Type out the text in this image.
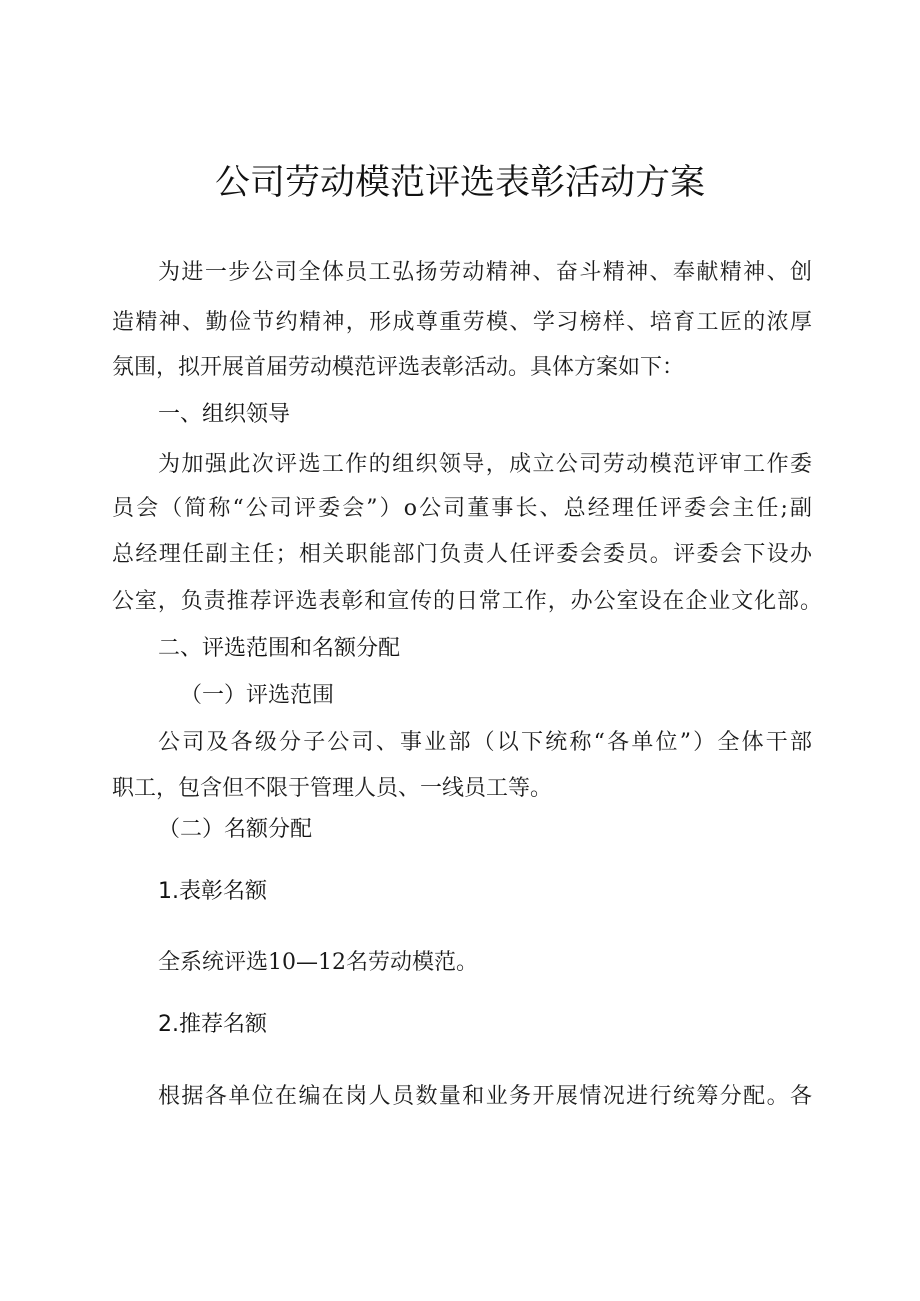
公司劳动模范评选表彰活动方案

为进一步公司全体员工弘扬劳动精神、奋斗精神、奉献精神、创

造精神、勤俭节约精神，形成尊重劳模、学习榜样、培育工匠的浓厚

氛围，拟开展首届劳动模范评选表彰活动。具体方案如下：

一、组织领导

为加强此次评选工作的组织领导，成立公司劳动模范评审工作委

员会（简称“公司评委会”）o公司董事长、总经理任评委会主任;副

总经理任副主任；相关职能部门负责人任评委会委员。评委会下设办

公室，负责推荐评选表彰和宣传的日常工作，办公室设在企业文化部。

二、评选范围和名额分配

（一）评选范围

公司及各级分子公司、事业部（以下统称“各单位”）全体干部

职工，包含但不限于管理人员、一线员工等。

（二）名额分配

1.表彰名额

全系统评选10—12名劳动模范。

2.推荐名额

根据各单位在编在岗人员数量和业务开展情况进行统筹分配。各
